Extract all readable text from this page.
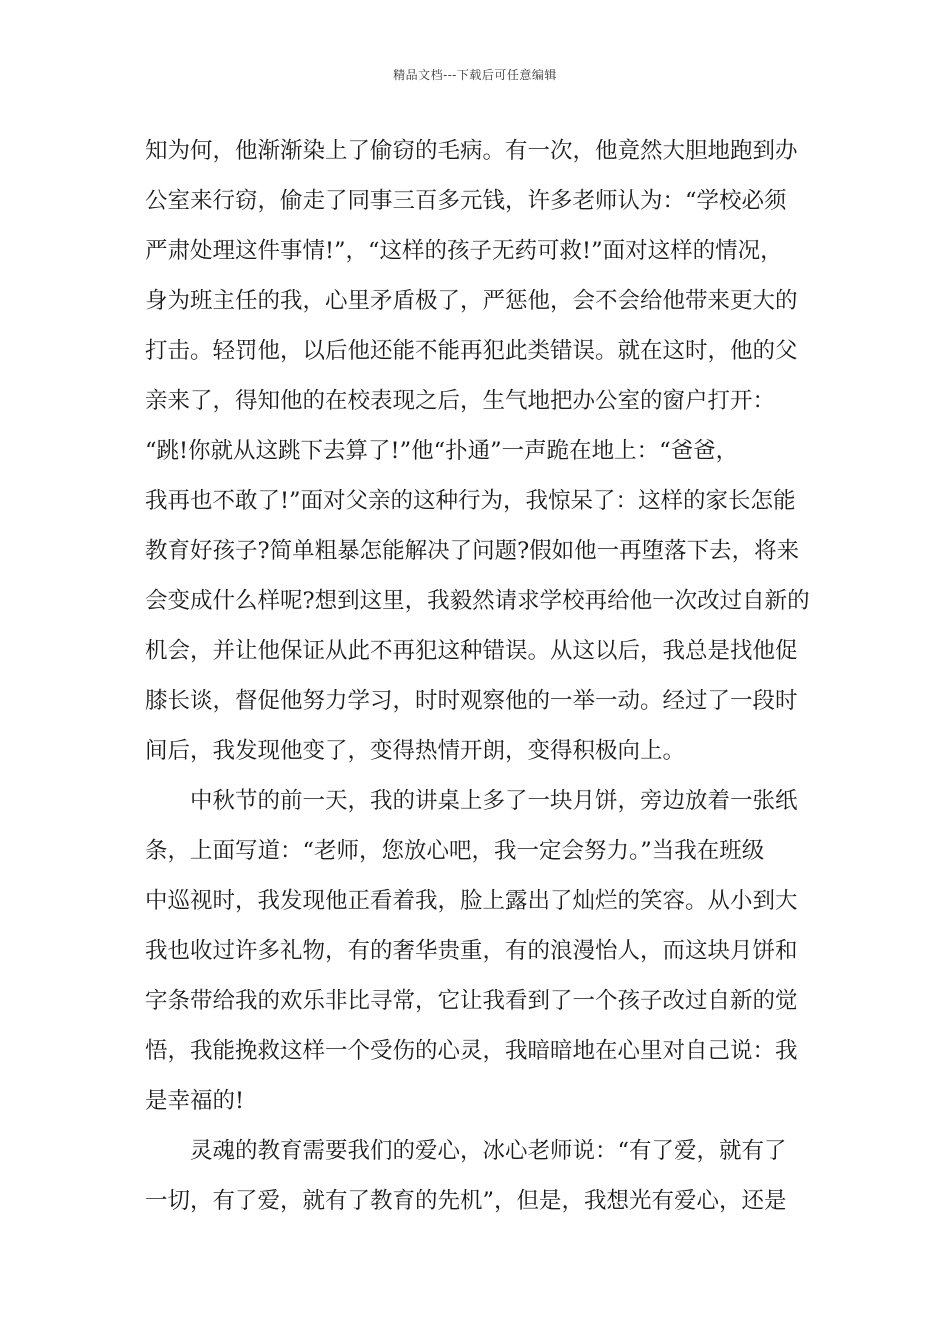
精品文档---下载后可任意编辑
知为何，他渐渐染上了偷窃的毛病。有一次，他竟然大胆地跑到办
公室来行窃，偷走了同事三百多元钱，许多老师认为：“学校必须
严肃处理这件事情!”，“这样的孩子无药可救!”面对这样的情况，
身为班主任的我，心里矛盾极了，严惩他，会不会给他带来更大的
打击。轻罚他，以后他还能不能再犯此类错误。就在这时，他的父
亲来了，得知他的在校表现之后，生气地把办公室的窗户打开：
“跳!你就从这跳下去算了!”他“扑通”一声跪在地上：“爸爸，
我再也不敢了!”面对父亲的这种行为，我惊呆了：这样的家长怎能
教育好孩子?简单粗暴怎能解决了问题?假如他一再堕落下去，将来
会变成什么样呢?想到这里，我毅然请求学校再给他一次改过自新的
机会，并让他保证从此不再犯这种错误。从这以后，我总是找他促
膝长谈，督促他努力学习，时时观察他的一举一动。经过了一段时
间后，我发现他变了，变得热情开朗，变得积极向上。
中秋节的前一天，我的讲桌上多了一块月饼，旁边放着一张纸
条，上面写道：“老师，您放心吧，我一定会努力。”当我在班级
中巡视时，我发现他正看着我，脸上露出了灿烂的笑容。从小到大
我也收过许多礼物，有的奢华贵重，有的浪漫怡人，而这块月饼和
字条带给我的欢乐非比寻常，它让我看到了一个孩子改过自新的觉
悟，我能挽救这样一个受伤的心灵，我暗暗地在心里对自己说：我
是幸福的!
灵魂的教育需要我们的爱心，冰心老师说：“有了爱，就有了
一切，有了爱，就有了教育的先机”，但是，我想光有爱心，还是
